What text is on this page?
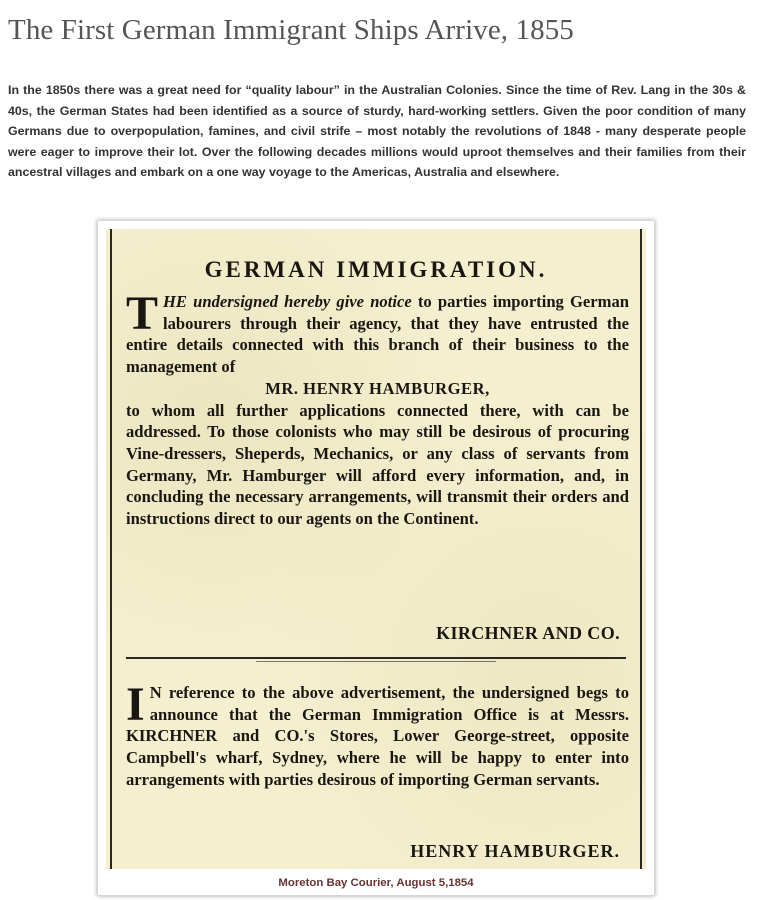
The First German Immigrant Ships Arrive, 1855

In the 1850s there was a great need for “quality labour” in the Australian Colonies. Since the time of Rev. Lang in the 30s & 40s, the German States had been identified as a source of sturdy, hard-working settlers. Given the poor condition of many Germans due to overpopulation, famines, and civil strife – most notably the revolutions of 1848 - many desperate people were eager to improve their lot. Over the following decades millions would uproot themselves and their families from their ancestral villages and embark on a one way voyage to the Americas, Australia and elsewhere.

GERMAN IMMIGRATION.
T HE undersigned hereby give notice to parties importing German labourers through their agency, that they have entrusted the entire details connected with this branch of their business to the management of
MR. HENRY HAMBURGER,
to whom all further applications connected there, with can be addressed. To those colonists who may still be desirous of procuring Vine-dressers, Sheperds, Mechanics, or any class of servants from Germany, Mr. Hamburger will afford every information, and, in concluding the necessary arrangements, will transmit their orders and instructions direct to our agents on the Continent.
KIRCHNER AND CO.
I N reference to the above advertisement, the undersigned begs to announce that the German Immigration Office is at Messrs. KIRCHNER and CO.'s Stores, Lower George-street, opposite Campbell's wharf, Sydney, where he will be happy to enter into arrangements with parties desirous of importing German servants.
HENRY HAMBURGER.
Moreton Bay Courier, August 5,1854
